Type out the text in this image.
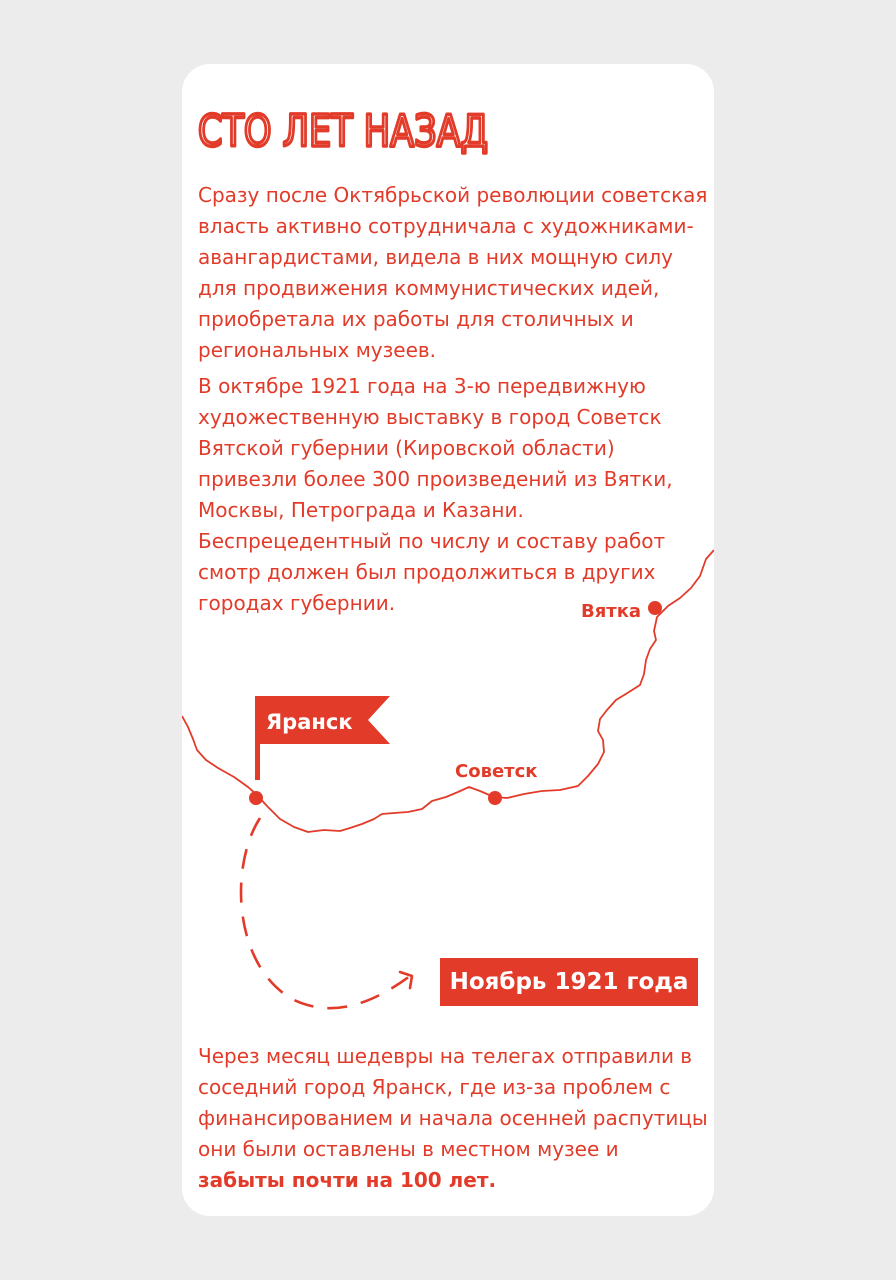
СТО ЛЕТ НАЗАД

Сразу после Октябрьской революции советская власть активно сотрудничала с художниками-авангардистами, видела в них мощную силу для продвижения коммунистических идей, приобретала их работы для столичных и региональных музеев.

В октябре 1921 года на 3-ю передвижную художественную выставку в город Советск Вятской губернии (Кировской области) привезли более 300 произведений из Вятки, Москвы, Петрограда и Казани. Беспрецедентный по числу и составу работ смотр должен был продолжиться в других городах губернии.

Яранск
Советск
Вятка
Ноябрь 1921 года

Через месяц шедевры на телегах отправили в соседний город Яранск, где из-за проблем с финансированием и начала осенней распутицы они были оставлены в местном музее и забыты почти на 100 лет.
